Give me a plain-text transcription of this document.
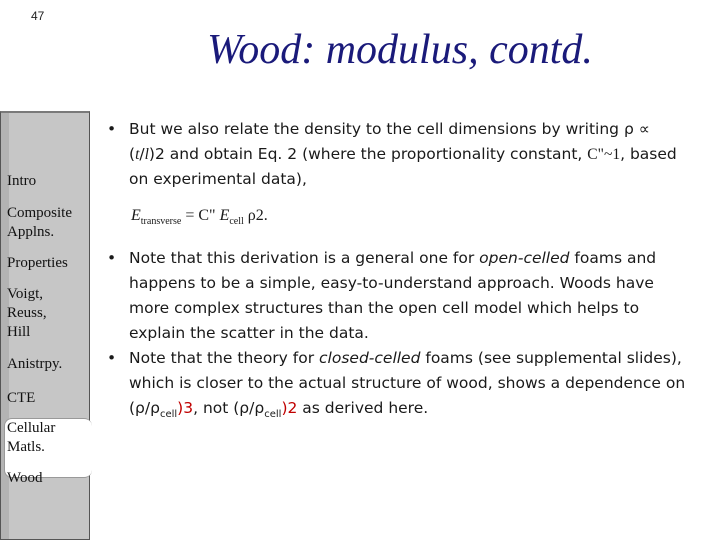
47
Wood: modulus, contd.
Intro
Composite
Applns.
Properties
Voigt,
Reuss,
Hill
Anistrpy.
CTE
Cellular
Matls.
Wood
• But we also relate the density to the cell dimensions by writing ρ ∝ (t/l)2 and obtain Eq. 2 (where the proportionality constant, C"~1, based on experimental data),
$E_{transverse} = C$" $E_{cell}$ ρ2.
• Note that this derivation is a general one for open-celled foams and happens to be a simple, easy-to-understand approach. Woods have more complex structures than the open cell model which helps to explain the scatter in the data.
• Note that the theory for closed-celled foams (see supplemental slides), which is closer to the actual structure of wood, shows a dependence on $(\rho/\rho_{cell})3$, not $(\rho/\rho_{cell})2$ as derived here.
